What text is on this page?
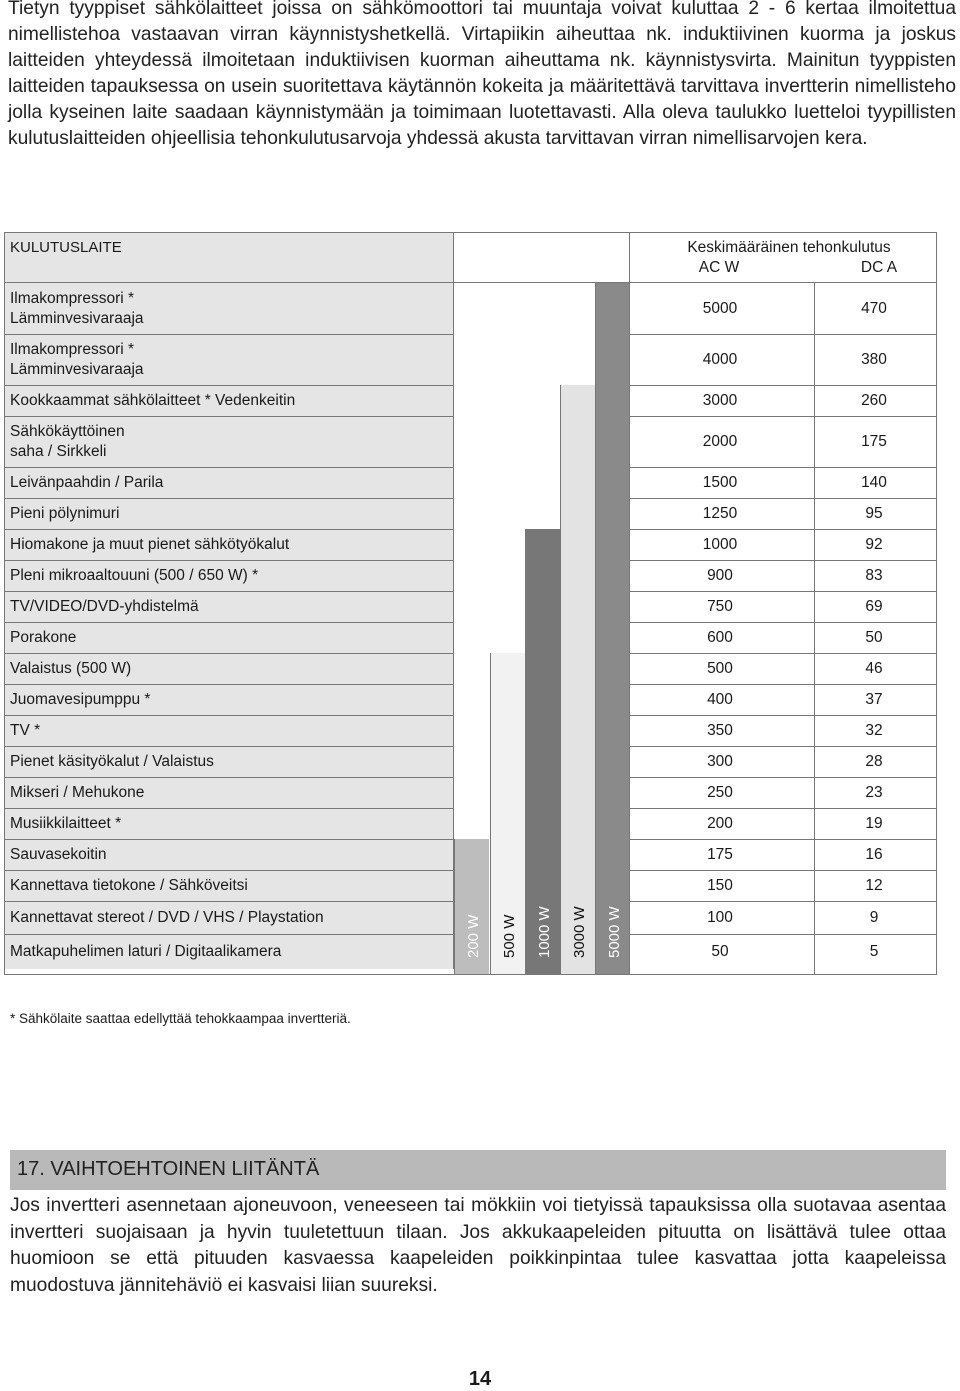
Tietyn tyyppiset sähkölaitteet joissa on sähkömoottori tai muuntaja voivat kuluttaa 2 - 6 kertaa ilmoitettua nimellistehoa vastaavan virran käynnistyshetkellä. Virtapiikin aiheuttaa nk. induktiivinen kuorma ja joskus laitteiden yhteydessä ilmoitetaan induktiivisen kuorman aiheuttama nk. käynnistysvirta. Mainitun tyyppisten laitteiden tapauksessa on usein suoritettava käytännön kokeita ja määritettävä tarvittava invertterin nimellisteho jolla kyseinen laite saadaan käynnistymään ja toimimaan luotettavasti. Alla oleva taulukko luetteloi tyypillisten kulutuslaitteiden ohjeellisia tehonkulutusarvoja yhdessä akusta tarvittavan virran nimellisarvojen kera.

KULUTUSLAITE	Keskimääräinen tehonkulutus
AC W	DC A
200 W 500 W 1000 W 3000 W 5000 W
Ilmakompressori *
Lämminvesivaraaja
5000	470
Ilmakompressori *
Lämminvesivaraaja
4000	380
Kookkaammat sähkölaitteet * Vedenkeitin	3000	260
Sähkökäyttöinen
saha / Sirkkeli
2000	175
Leivänpaahdin / Parila	1500	140
Pieni pölynimuri	1250	95
Hiomakone ja muut pienet sähkötyökalut	1000	92
Pleni mikroaaltouuni (500 / 650 W) *	900	83
TV/VIDEO/DVD-yhdistelmä	750	69
Porakone	600	50
Valaistus (500 W)	500	46
Juomavesipumppu *	400	37
TV *	350	32
Pienet käsityökalut / Valaistus	300	28
Mikseri / Mehukone	250	23
Musiikkilaitteet *	200	19
Sauvasekoitin	175	16
Kannettava tietokone / Sähköveitsi	150	12
Kannettavat stereot / DVD / VHS / Playstation	100	9
Matkapuhelimen laturi / Digitaalikamera	50	5
* Sähkölaite saattaa edellyttää tehokkaampaa invertteriä.
17. VAIHTOEHTOINEN LIITÄNTÄ

Jos invertteri asennetaan ajoneuvoon, veneeseen tai mökkiin voi tietyissä tapauksissa olla suotavaa asentaa invertteri suojaisaan ja hyvin tuuletettuun tilaan. Jos akkukaapeleiden pituutta on lisättävä tulee ottaa huomioon se että pituuden kasvaessa kaapeleiden poikkinpintaa tulee kasvattaa jotta kaapeleissa muodostuva jännitehäviö ei kasvaisi liian suureksi.

14
